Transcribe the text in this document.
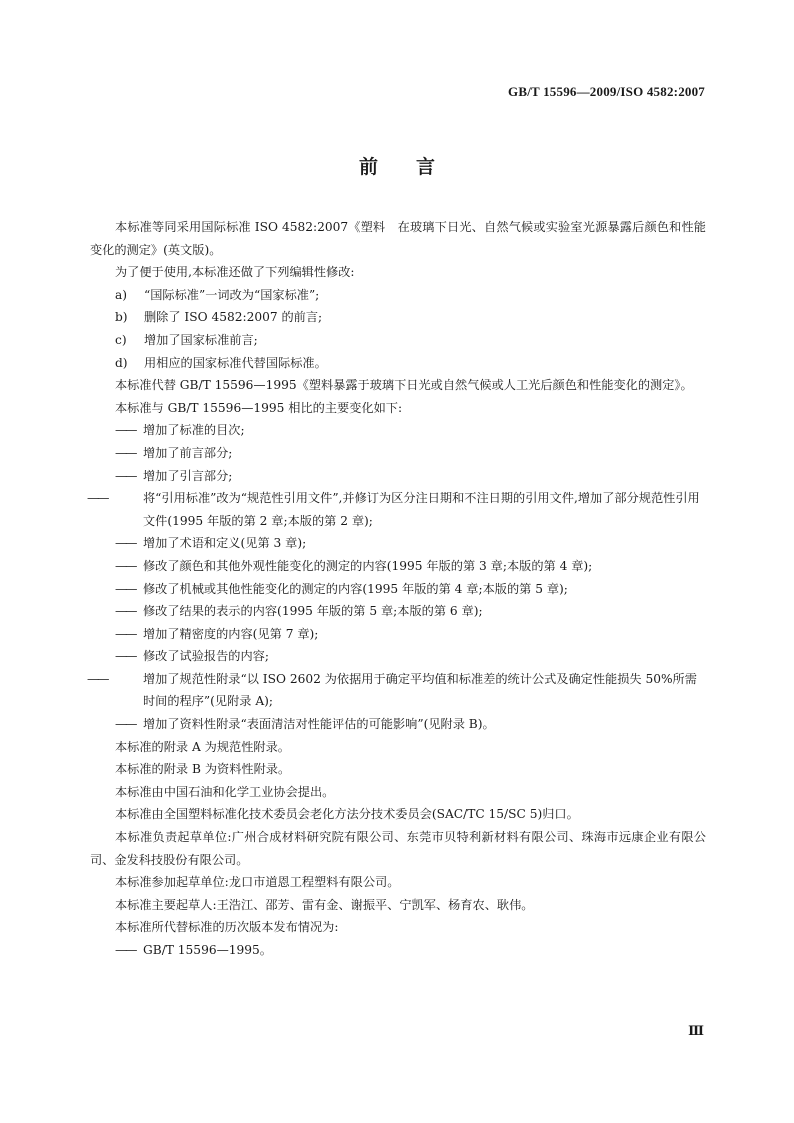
GB/T 15596—2009/ISO 4582:2007
前言

本标准等同采用国际标准 ISO 4582:2007《塑料　在玻璃下日光、自然气候或实验室光源暴露后颜色和性能变化的测定》(英文版)。

为了便于使用,本标准还做了下列编辑性修改:

a) “国际标准”一词改为“国家标准”;

b) 删除了 ISO 4582:2007 的前言;

c) 增加了国家标准前言;

d) 用相应的国家标准代替国际标准。

本标准代替 GB/T 15596—1995《塑料暴露于玻璃下日光或自然气候或人工光后颜色和性能变化的测定》。

本标准与 GB/T 15596—1995 相比的主要变化如下:

—— 增加了标准的目次;

—— 增加了前言部分;

—— 增加了引言部分;

——	将“引用标准”改为“规范性引用文件”,并修订为区分注日期和不注日期的引用文件,增加了部分规范性引用文件(1995 年版的第 2 章;本版的第 2 章);

—— 增加了术语和定义(见第 3 章);

—— 修改了颜色和其他外观性能变化的测定的内容(1995 年版的第 3 章;本版的第 4 章);

—— 修改了机械或其他性能变化的测定的内容(1995 年版的第 4 章;本版的第 5 章);

—— 修改了结果的表示的内容(1995 年版的第 5 章;本版的第 6 章);

—— 增加了精密度的内容(见第 7 章);

—— 修改了试验报告的内容;

——	增加了规范性附录“以 ISO 2602 为依据用于确定平均值和标准差的统计公式及确定性能损失 50%所需时间的程序”(见附录 A);

—— 增加了资料性附录“表面清洁对性能评估的可能影响”(见附录 B)。

本标准的附录 A 为规范性附录。

本标准的附录 B 为资料性附录。

本标准由中国石油和化学工业协会提出。

本标准由全国塑料标准化技术委员会老化方法分技术委员会(SAC/TC 15/SC 5)归口。

本标准负责起草单位:广州合成材料研究院有限公司、东莞市贝特利新材料有限公司、珠海市远康企业有限公司、金发科技股份有限公司。

本标准参加起草单位:龙口市道恩工程塑料有限公司。

本标准主要起草人:王浩江、邵芳、雷有金、谢振平、宁凯军、杨育农、耿伟。

本标准所代替标准的历次版本发布情况为:

—— GB/T 15596—1995。

Ⅲ
